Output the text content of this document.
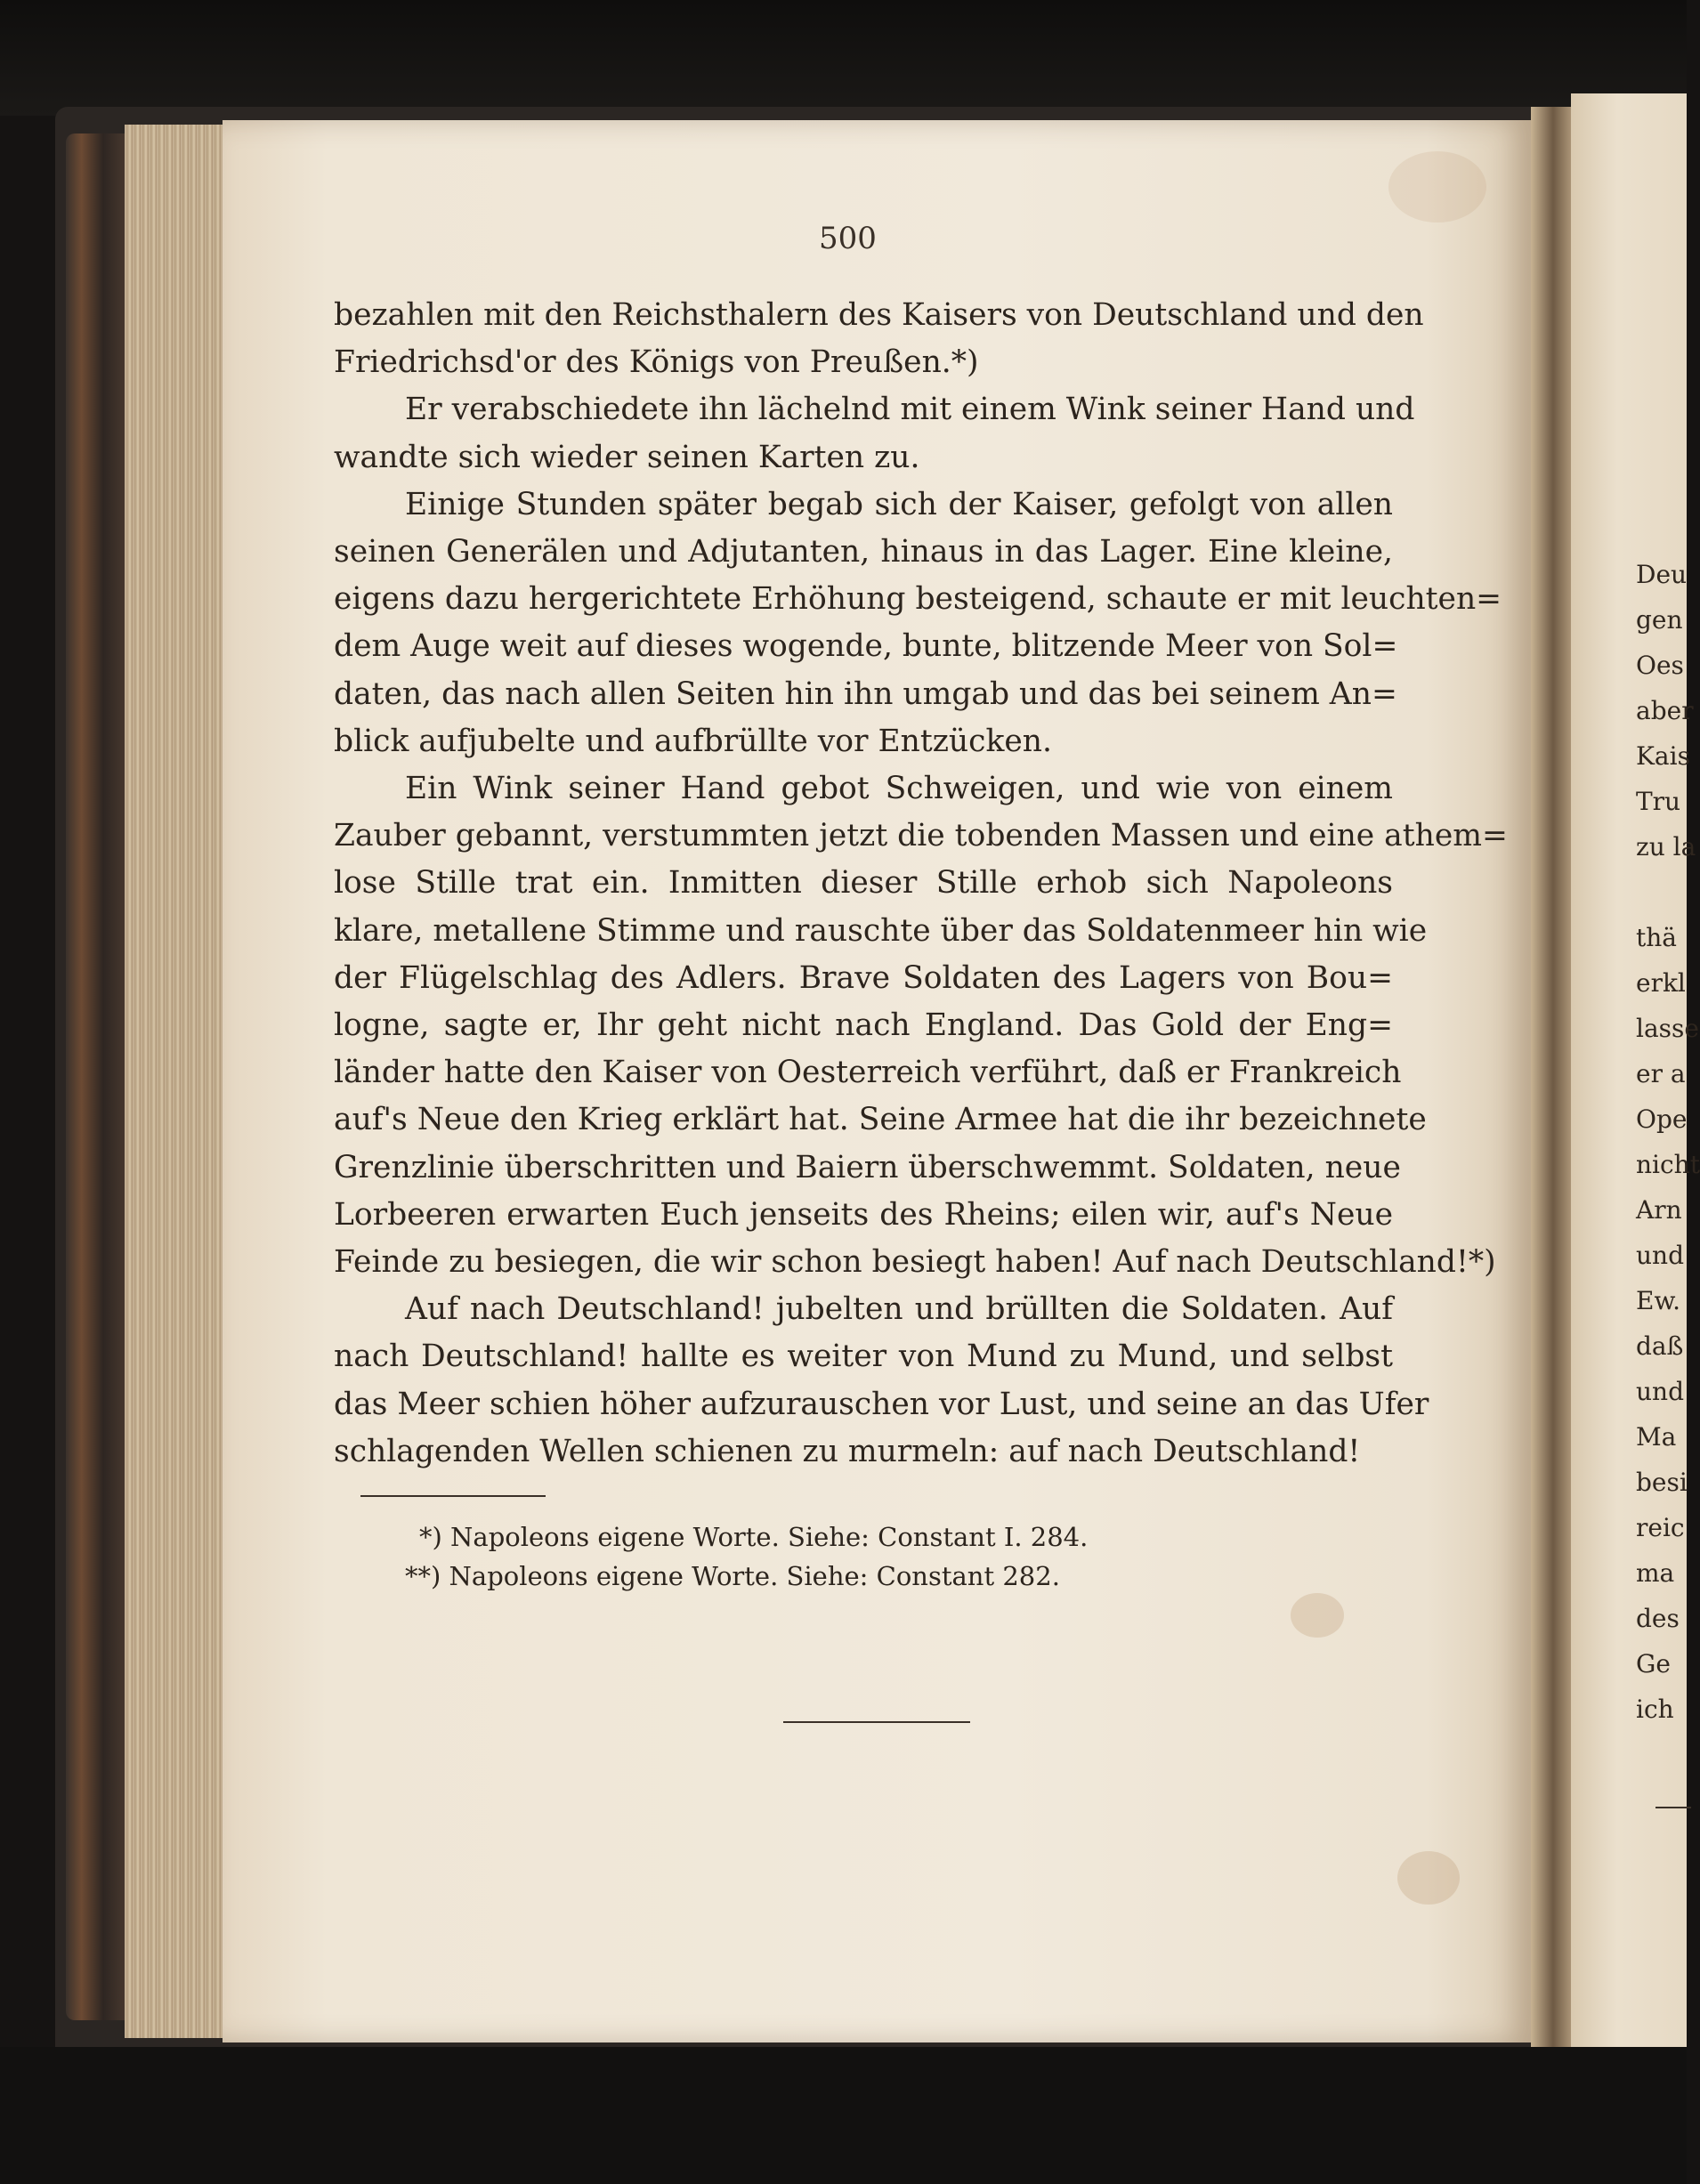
500
bezahlen mit den Reichsthalern des Kaisers von Deutschland und den
Friedrichsd'or des Königs von Preußen.*)
Er verabschiedete ihn lächelnd mit einem Wink seiner Hand und
wandte sich wieder seinen Karten zu.
Einige Stunden später begab sich der Kaiser, gefolgt von allen
seinen Generälen und Adjutanten, hinaus in das Lager. Eine kleine,
eigens dazu hergerichtete Erhöhung besteigend, schaute er mit leuchten=
dem Auge weit auf dieses wogende, bunte, blitzende Meer von Sol=
daten, das nach allen Seiten hin ihn umgab und das bei seinem An=
blick aufjubelte und aufbrüllte vor Entzücken.
Ein Wink seiner Hand gebot Schweigen, und wie von einem
Zauber gebannt, verstummten jetzt die tobenden Massen und eine athem=
lose Stille trat ein. Inmitten dieser Stille erhob sich Napoleons
klare, metallene Stimme und rauschte über das Soldatenmeer hin wie
der Flügelschlag des Adlers. Brave Soldaten des Lagers von Bou=
logne, sagte er, Ihr geht nicht nach England. Das Gold der Eng=
länder hatte den Kaiser von Oesterreich verführt, daß er Frankreich
auf's Neue den Krieg erklärt hat. Seine Armee hat die ihr bezeichnete
Grenzlinie überschritten und Baiern überschwemmt. Soldaten, neue
Lorbeeren erwarten Euch jenseits des Rheins; eilen wir, auf's Neue
Feinde zu besiegen, die wir schon besiegt haben! Auf nach Deutschland!*)
Auf nach Deutschland! jubelten und brüllten die Soldaten. Auf
nach Deutschland! hallte es weiter von Mund zu Mund, und selbst
das Meer schien höher aufzurauschen vor Lust, und seine an das Ufer
schlagenden Wellen schienen zu murmeln: auf nach Deutschland!
*) Napoleons eigene Worte. Siehe: Constant I. 284.
**) Napoleons eigene Worte. Siehe: Constant 282.
Deu
gen
Oes
aber
Kais
Tru
zu la
thä
erkl
lasse
er a
Ope
nicht
Arn
und
Ew.
daß
und
Ma
besi
reic
ma
des
Ge
ich
